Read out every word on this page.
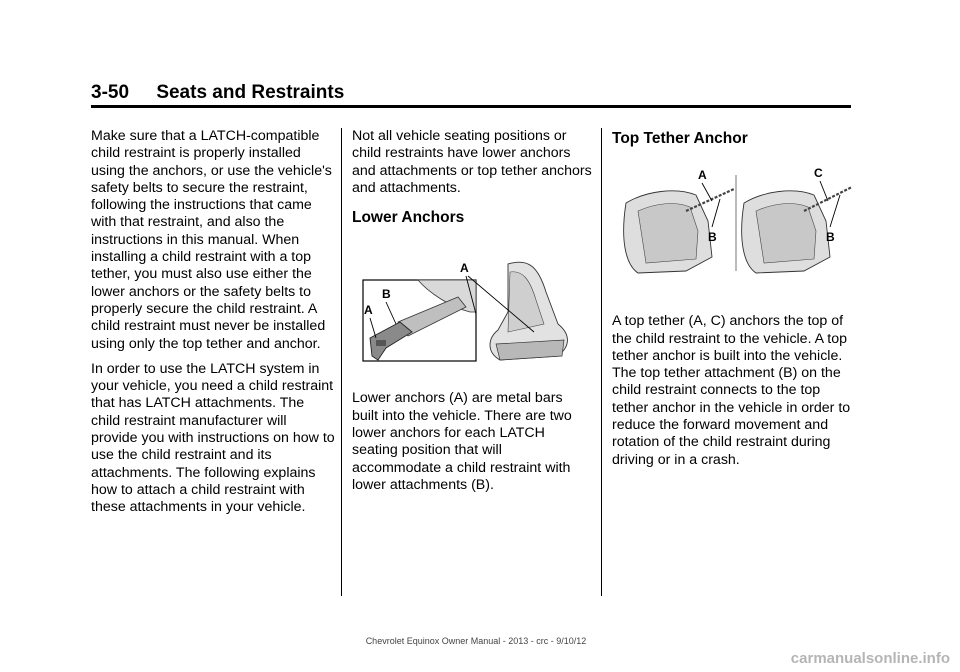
3-50 Seats and Restraints

Make sure that a LATCH-compatible child restraint is properly installed using the anchors, or use the vehicle's safety belts to secure the restraint, following the instructions that came with that restraint, and also the instructions in this manual. When installing a child restraint with a top tether, you must also use either the lower anchors or the safety belts to properly secure the child restraint. A child restraint must never be installed using only the top tether and anchor.

In order to use the LATCH system in your vehicle, you need a child restraint that has LATCH attachments. The child restraint manufacturer will provide you with instructions on how to use the child restraint and its attachments. The following explains how to attach a child restraint with these attachments in your vehicle.

Not all vehicle seating positions or child restraints have lower anchors and attachments or top tether anchors and attachments.

Lower Anchors
A
B
A

Lower anchors (A) are metal bars built into the vehicle. There are two lower anchors for each LATCH seating position that will accommodate a child restraint with lower attachments (B).

Top Tether Anchor
A
B
C
B

A top tether (A, C) anchors the top of the child restraint to the vehicle. A top tether anchor is built into the vehicle. The top tether attachment (B) on the child restraint connects to the top tether anchor in the vehicle in order to reduce the forward movement and rotation of the child restraint during driving or in a crash.

Chevrolet Equinox Owner Manual - 2013 - crc - 9/10/12
carmanualsonline.info
